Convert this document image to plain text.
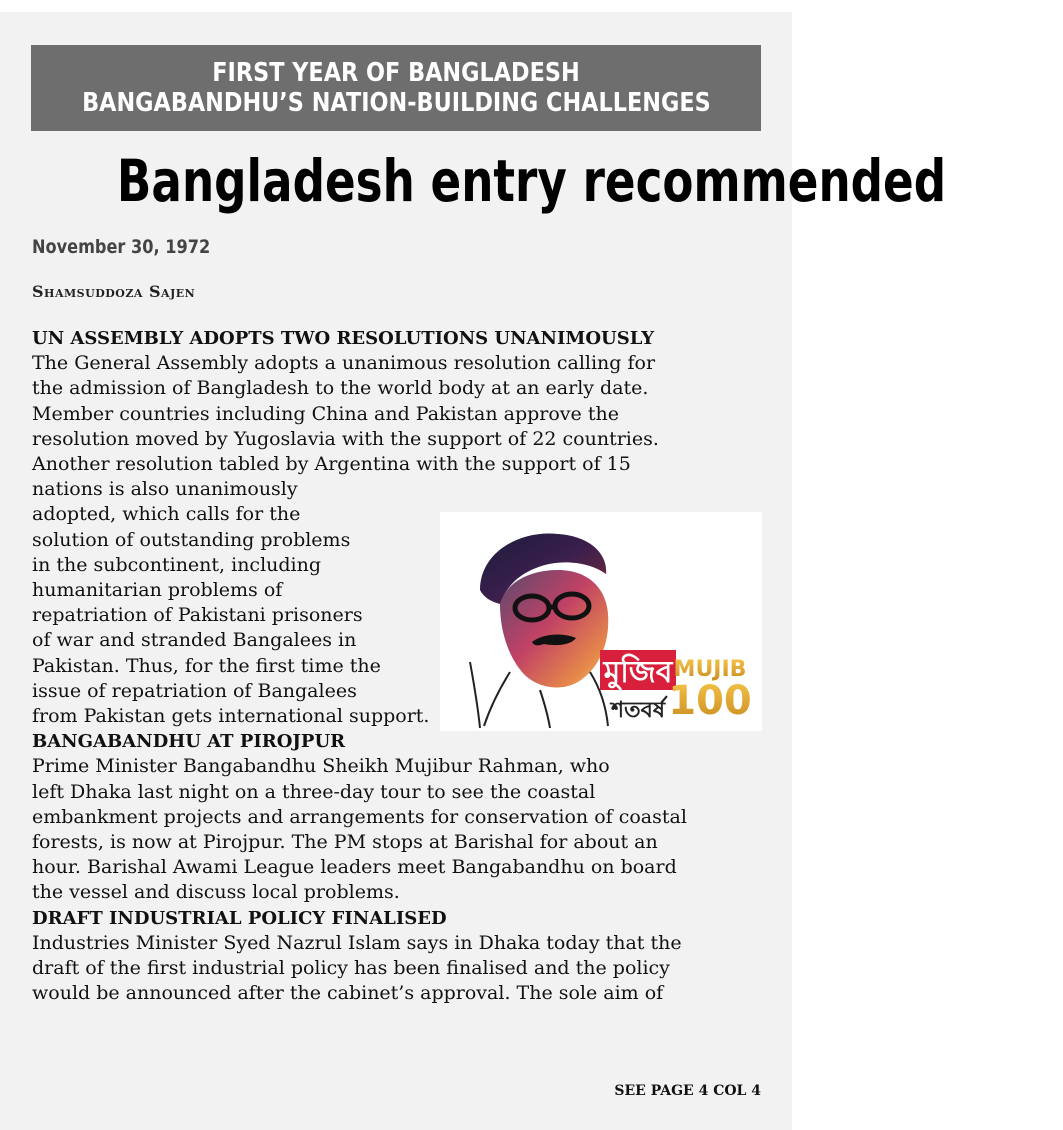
FIRST YEAR OF BANGLADESH
BANGABANDHU’S NATION-BUILDING CHALLENGES
Bangladesh entry recommended
November 30, 1972
Shamsuddoza Sajen
UN ASSEMBLY ADOPTS TWO RESOLUTIONS UNANIMOUSLY
The General Assembly adopts a unanimous resolution calling for
the admission of Bangladesh to the world body at an early date.
Member countries including China and Pakistan approve the
resolution moved by Yugoslavia with the support of 22 countries.
Another resolution tabled by Argentina with the support of 15
nations is also unanimously
adopted, which calls for the
solution of outstanding problems
in the subcontinent, including
humanitarian problems of
repatriation of Pakistani prisoners
of war and stranded Bangalees in
Pakistan. Thus, for the first time the
issue of repatriation of Bangalees
from Pakistan gets international support.
BANGABANDHU AT PIROJPUR
Prime Minister Bangabandhu Sheikh Mujibur Rahman, who
left Dhaka last night on a three-day tour to see the coastal
embankment projects and arrangements for conservation of coastal
forests, is now at Pirojpur. The PM stops at Barishal for about an
hour. Barishal Awami League leaders meet Bangabandhu on board
the vessel and discuss local problems.
DRAFT INDUSTRIAL POLICY FINALISED
Industries Minister Syed Nazrul Islam says in Dhaka today that the
draft of the first industrial policy has been finalised and the policy
would be announced after the cabinet’s approval. The sole aim of
মুজিব
শতবর্ষ
MUJIB
100
SEE PAGE 4 COL 4
